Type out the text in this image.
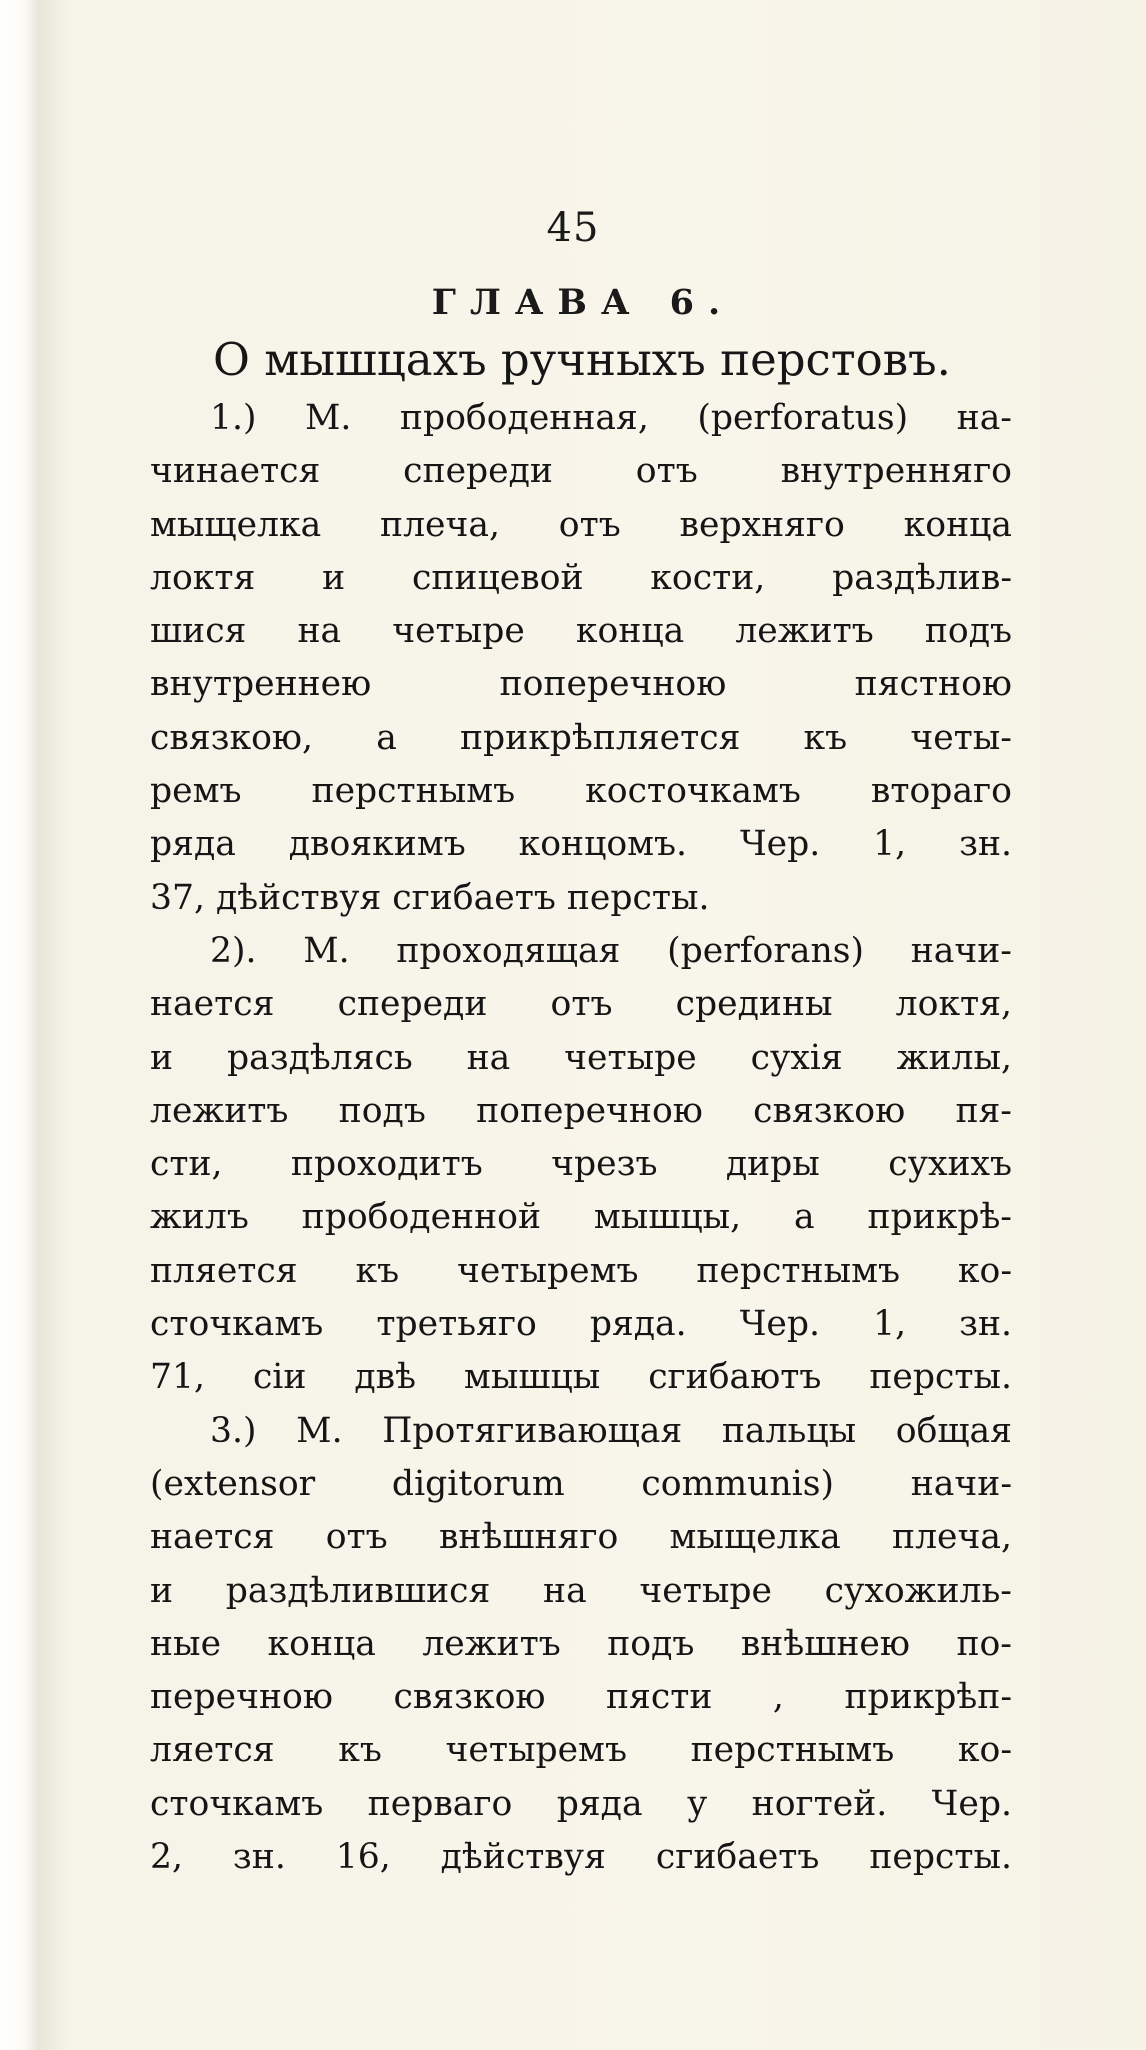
45
ГЛАВА 6.
О мышцахъ ручныхъ перстовъ.
1.) М. прободенная, (perforatus) на-
чинается спереди отъ внутренняго
мыщелка плеча, отъ верхняго конца
локтя и спицевой кости, раздѣлив-
шися на четыре конца лежитъ подъ
внутреннею поперечною пястною
связкою, а прикрѣпляется къ четы-
ремъ перстнымъ косточкамъ втораго
ряда двоякимъ концомъ. Чер. 1, зн.
37, дѣйствуя сгибаетъ персты.
2). М. проходящая (perforans) начи-
нается спереди отъ средины локтя,
и раздѣлясь на четыре сухія жилы,
лежитъ подъ поперечною связкою пя-
сти, проходитъ чрезъ диры сухихъ
жилъ прободенной мышцы, а прикрѣ-
пляется къ четыремъ перстнымъ ко-
сточкамъ третьяго ряда. Чер. 1, зн.
71, сіи двѣ мышцы сгибаютъ персты.
3.) М. Протягивающая пальцы общая
(extensor digitorum communis) начи-
нается отъ внѣшняго мыщелка плеча,
и раздѣлившися на четыре сухожиль-
ные конца лежитъ подъ внѣшнею по-
перечною связкою пясти , прикрѣп-
ляется къ четыремъ перстнымъ ко-
сточкамъ перваго ряда у ногтей. Чер.
2, зн. 16, дѣйствуя сгибаетъ персты.
